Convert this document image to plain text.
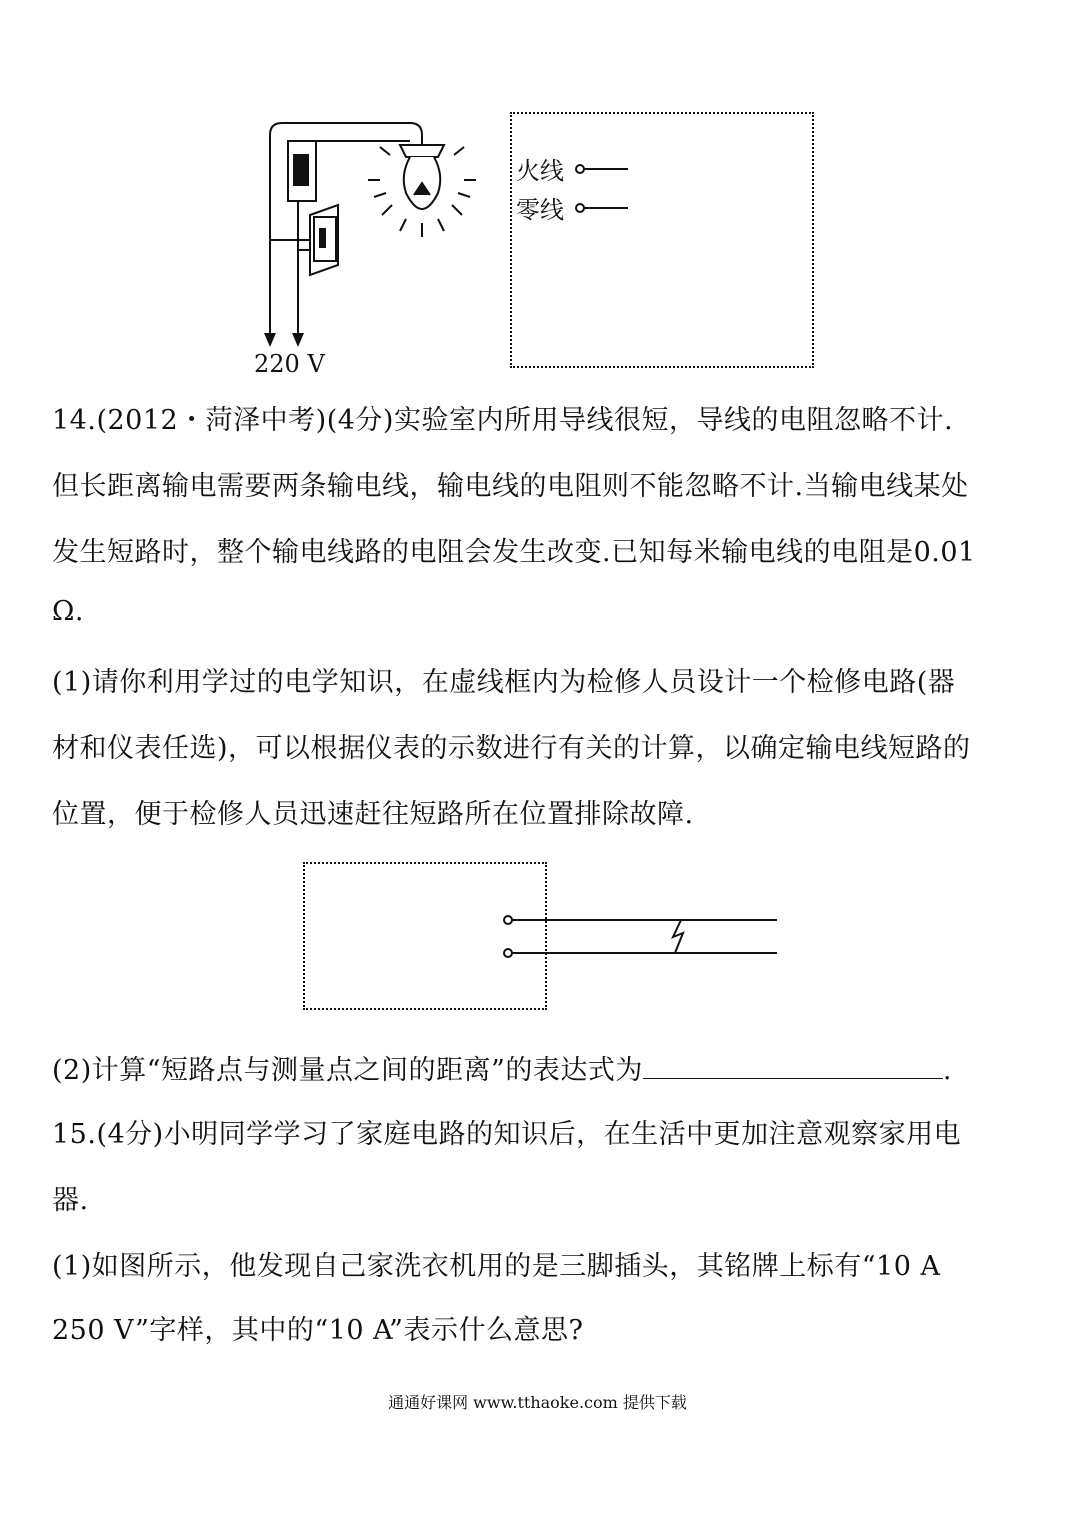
220 V
火线
零线
14.(2012・菏泽中考)(4分)实验室内所用导线很短，导线的电阻忽略不计.
但长距离输电需要两条输电线，输电线的电阻则不能忽略不计.当输电线某处
发生短路时，整个输电线路的电阻会发生改变.已知每米输电线的电阻是0.01
Ω.
(1)请你利用学过的电学知识，在虚线框内为检修人员设计一个检修电路(器
材和仪表任选)，可以根据仪表的示数进行有关的计算，以确定输电线短路的
位置，便于检修人员迅速赶往短路所在位置排除故障.
(2)计算“短路点与测量点之间的距离”的表达式为	.
15.(4分)小明同学学习了家庭电路的知识后，在生活中更加注意观察家用电
器.
(1)如图所示，他发现自己家洗衣机用的是三脚插头，其铭牌上标有“10 A
250 V”字样，其中的“10 A”表示什么意思?
通通好课网 www.tthaoke.com 提供下载
